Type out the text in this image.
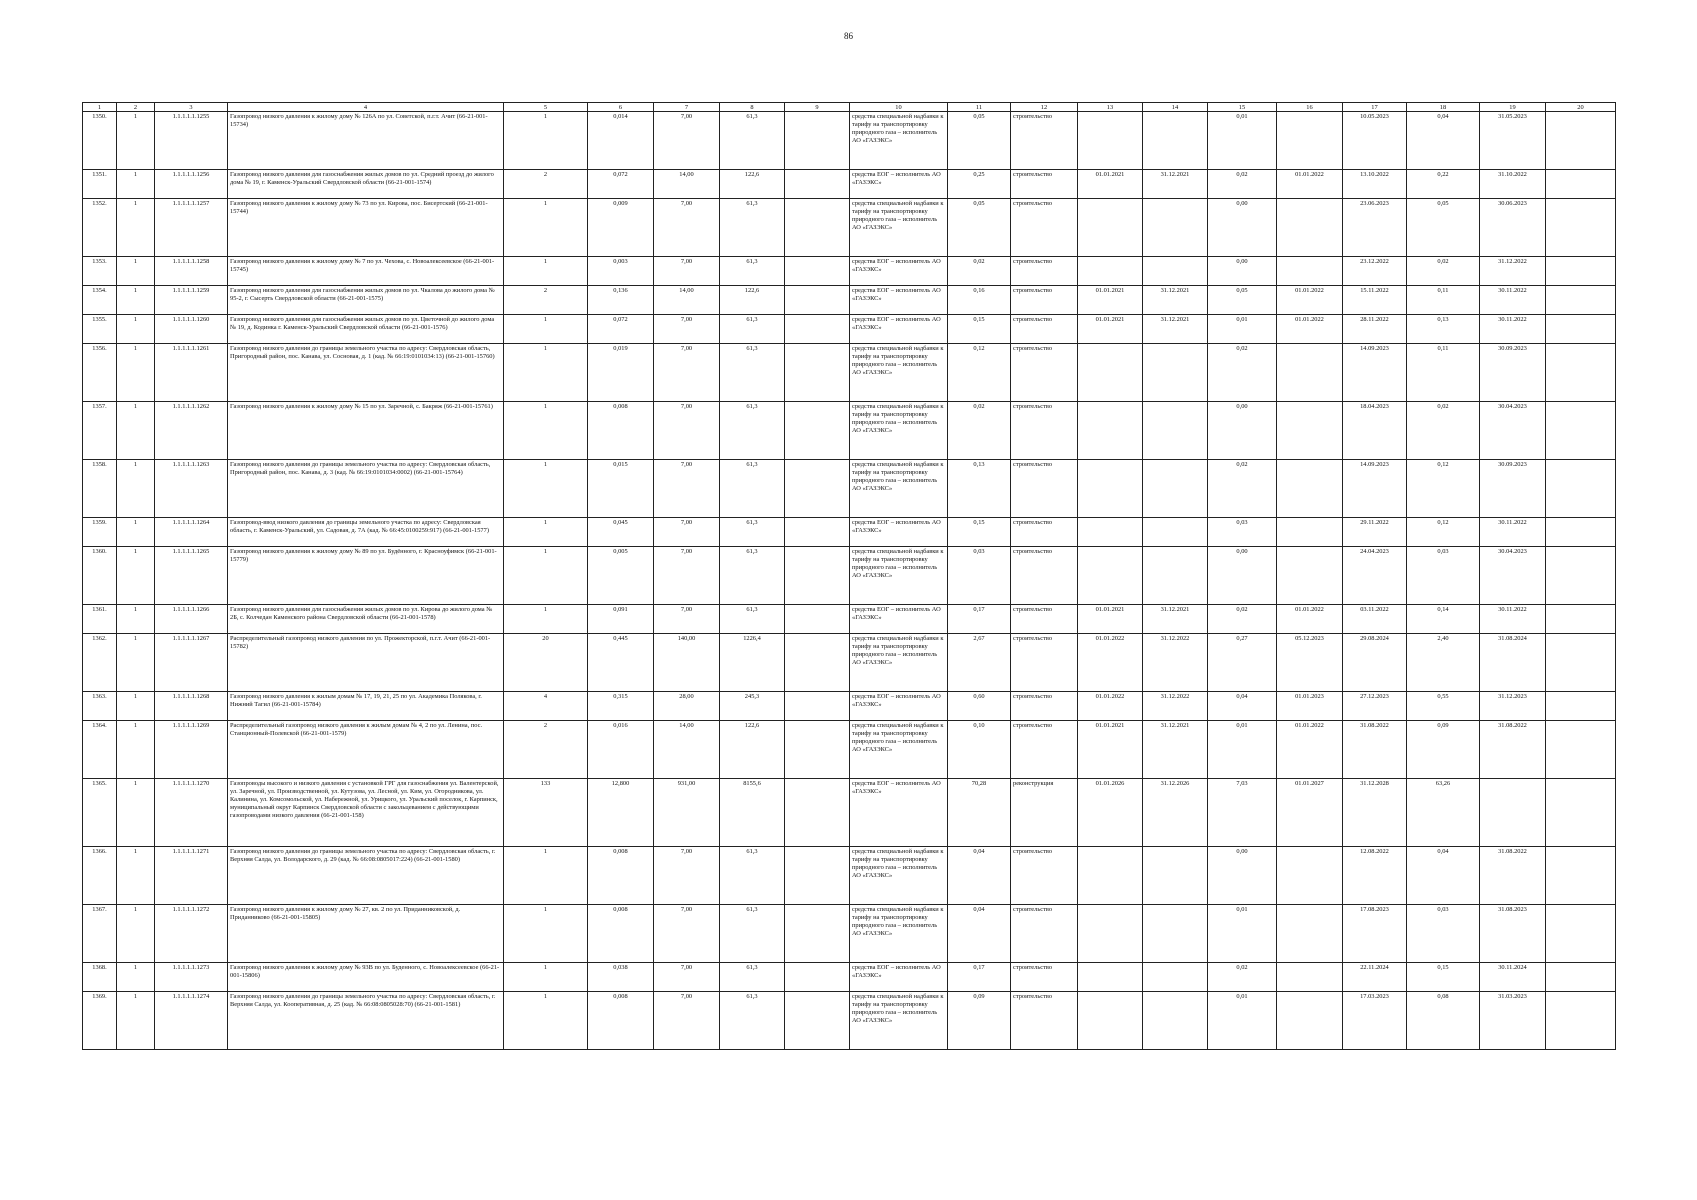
86
1	2	3	4	5	6	7	8	9	10	11	12	13	14	15	16	17	18	19	20
1350.	1	1.1.1.1.1.1255	Газопровод низкого давления к жилому дому № 126А по ул. Советской, п.г.т. Ачит (66-21-001-15734)	1	0,014	7,00	61,3		средства специальной надбавки к тарифу на транспортировку природного газа – исполнитель АО «ГАЗЭКС»	0,05	строительство			0,01		10.05.2023	0,04	31.05.2023	
1351.	1	1.1.1.1.1.1256	Газопровод низкого давления для газоснабжения жилых домов по ул. Средний проезд до жилого дома № 19, г. Каменск-Уральский Свердловской области (66-21-001-1574)	2	0,072	14,00	122,6		средства ЕОГ – исполнитель АО «ГАЗЭКС»	0,25	строительство	01.01.2021	31.12.2021	0,02	01.01.2022	13.10.2022	0,22	31.10.2022	
1352.	1	1.1.1.1.1.1257	Газопровод низкого давления к жилому дому № 73 по ул. Кирова, пос. Бисертский (66-21-001-15744)	1	0,009	7,00	61,3		средства специальной надбавки к тарифу на транспортировку природного газа – исполнитель АО «ГАЗЭКС»	0,05	строительство			0,00		23.06.2023	0,05	30.06.2023	
1353.	1	1.1.1.1.1.1258	Газопровод низкого давления к жилому дому № 7 по ул. Чехова, с. Новоалексеевское (66-21-001-15745)	1	0,003	7,00	61,3		средства ЕОГ – исполнитель АО «ГАЗЭКС»	0,02	строительство			0,00		23.12.2022	0,02	31.12.2022	
1354.	1	1.1.1.1.1.1259	Газопровод низкого давления для газоснабжения жилых домов по ул. Чкалова до жилого дома № 95-2, г. Сысерть Свердловской области (66-21-001-1575)	2	0,136	14,00	122,6		средства ЕОГ – исполнитель АО «ГАЗЭКС»	0,16	строительство	01.01.2021	31.12.2021	0,05	01.01.2022	15.11.2022	0,11	30.11.2022	
1355.	1	1.1.1.1.1.1260	Газопровод низкого давления для газоснабжения жилых домов по ул. Цветочной до жилого дома № 19, д. Кодинка г. Каменск-Уральский Свердловской области (66-21-001-1576)	1	0,072	7,00	61,3		средства ЕОГ – исполнитель АО «ГАЗЭКС»	0,15	строительство	01.01.2021	31.12.2021	0,01	01.01.2022	28.11.2022	0,13	30.11.2022	
1356.	1	1.1.1.1.1.1261	Газопровод низкого давления до границы земельного участка по адресу: Свердловская область, Пригородный район, пос. Канава, ул. Сосновая, д. 1 (кад. № 66:19:0101034:13) (66-21-001-15760)	1	0,019	7,00	61,3		средства специальной надбавки к тарифу на транспортировку природного газа – исполнитель АО «ГАЗЭКС»	0,12	строительство			0,02		14.09.2023	0,11	30.09.2023	
1357.	1	1.1.1.1.1.1262	Газопровод низкого давления к жилому дому № 15 по ул. Заречной, с. Бакряж (66-21-001-15761)	1	0,008	7,00	61,3		средства специальной надбавки к тарифу на транспортировку природного газа – исполнитель АО «ГАЗЭКС»	0,02	строительство			0,00		18.04.2023	0,02	30.04.2023	
1358.	1	1.1.1.1.1.1263	Газопровод низкого давления до границы земельного участка по адресу: Свердловская область, Пригородный район, пос. Канава, д. 3 (кад. № 66:19:0101034:0002) (66-21-001-15764)	1	0,015	7,00	61,3		средства специальной надбавки к тарифу на транспортировку природного газа – исполнитель АО «ГАЗЭКС»	0,13	строительство			0,02		14.09.2023	0,12	30.09.2023	
1359.	1	1.1.1.1.1.1264	Газопровод-ввод низкого давления до границы земельного участка по адресу: Свердловская область, г. Каменск-Уральский, ул. Садовая, д. 7А (кад. № 66:45:0100259:917) (66-21-001-1577)	1	0,045	7,00	61,3		средства ЕОГ – исполнитель АО «ГАЗЭКС»	0,15	строительство			0,03		29.11.2022	0,12	30.11.2022	
1360.	1	1.1.1.1.1.1265	Газопровод низкого давления к жилому дому № 89 по ул. Будённого, г. Красноуфимск (66-21-001-15779)	1	0,005	7,00	61,3		средства специальной надбавки к тарифу на транспортировку природного газа – исполнитель АО «ГАЗЭКС»	0,03	строительство			0,00		24.04.2023	0,03	30.04.2023	
1361.	1	1.1.1.1.1.1266	Газопровод низкого давления для газоснабжения жилых домов по ул. Кирова до жилого дома № 2Б, с. Колчедан Каменского района Свердловской области (66-21-001-1578)	1	0,091	7,00	61,3		средства ЕОГ – исполнитель АО «ГАЗЭКС»	0,17	строительство	01.01.2021	31.12.2021	0,02	01.01.2022	03.11.2022	0,14	30.11.2022	
1362.	1	1.1.1.1.1.1267	Распределительный газопровод низкого давления по ул. Прожекторской, п.г.т. Ачит (66-21-001-15782)	20	0,445	140,00	1226,4		средства специальной надбавки к тарифу на транспортировку природного газа – исполнитель АО «ГАЗЭКС»	2,67	строительство	01.01.2022	31.12.2022	0,27	05.12.2023	29.08.2024	2,40	31.08.2024	
1363.	1	1.1.1.1.1.1268	Газопровод низкого давления к жилым домам № 17, 19, 21, 25 по ул. Академика Полякова, г. Нижний Тагил (66-21-001-15784)	4	0,315	28,00	245,3		средства ЕОГ – исполнитель АО «ГАЗЭКС»	0,60	строительство	01.01.2022	31.12.2022	0,04	01.01.2023	27.12.2023	0,55	31.12.2023	
1364.	1	1.1.1.1.1.1269	Распределительный газопровод низкого давления к жилым домам № 4, 2 по ул. Ленина, пос. Станционный-Полевской (66-21-001-1579)	2	0,016	14,00	122,6		средства специальной надбавки к тарифу на транспортировку природного газа – исполнитель АО «ГАЗЭКС»	0,10	строительство	01.01.2021	31.12.2021	0,01	01.01.2022	31.08.2022	0,09	31.08.2022	
1365.	1	1.1.1.1.1.1270	Газопроводы высокого и низкого давления с установкой ГРГ для газоснабжения ул. Валентерской, ул. Заречной, ул. Производственной, ул. Кутузова, ул. Лесной, ул. Ким, ул. Огородникова, ул. Калинина, ул. Комсомольской, ул. Набережной, ул. Урицкого, ул. Уральский поселок, г. Карпинск, муниципальный округ Карпинск Свердловской области с закольцеванием с действующими газопроводами низкого давления (66-21-001-158)	133	12,800	931,00	8155,6		средства ЕОГ – исполнитель АО «ГАЗЭКС»	70,28	реконструкция	01.01.2026	31.12.2026	7,03	01.01.2027	31.12.2028	63,26		
1366.	1	1.1.1.1.1.1271	Газопровод низкого давления до границы земельного участка по адресу: Свердловская область, г. Верхняя Салда, ул. Володарского, д. 29 (кад. № 66:08:0805017:224) (66-21-001-1580)	1	0,008	7,00	61,3		средства специальной надбавки к тарифу на транспортировку природного газа – исполнитель АО «ГАЗЭКС»	0,04	строительство			0,00		12.08.2022	0,04	31.08.2022	
1367.	1	1.1.1.1.1.1272	Газопровод низкого давления к жилому дому № 27, кв. 2 по ул. Приданниковской, д. Приданниково (66-21-001-15805)	1	0,008	7,00	61,3		средства специальной надбавки к тарифу на транспортировку природного газа – исполнитель АО «ГАЗЭКС»	0,04	строительство			0,01		17.08.2023	0,03	31.08.2023	
1368.	1	1.1.1.1.1.1273	Газопровод низкого давления к жилому дому № 93В по ул. Буденного, с. Новоалексеевское (66-21-001-15806)	1	0,038	7,00	61,3		средства ЕОГ – исполнитель АО «ГАЗЭКС»	0,17	строительство			0,02		22.11.2024	0,15	30.11.2024	
1369.	1	1.1.1.1.1.1274	Газопровод низкого давления до границы земельного участка по адресу: Свердловская область, г. Верхняя Салда, ул. Кооперативная, д. 25 (кад. № 66:08:0805028:70) (66-21-001-1581)	1	0,008	7,00	61,3		средства специальной надбавки к тарифу на транспортировку природного газа – исполнитель АО «ГАЗЭКС»	0,09	строительство			0,01		17.03.2023	0,08	31.03.2023	
